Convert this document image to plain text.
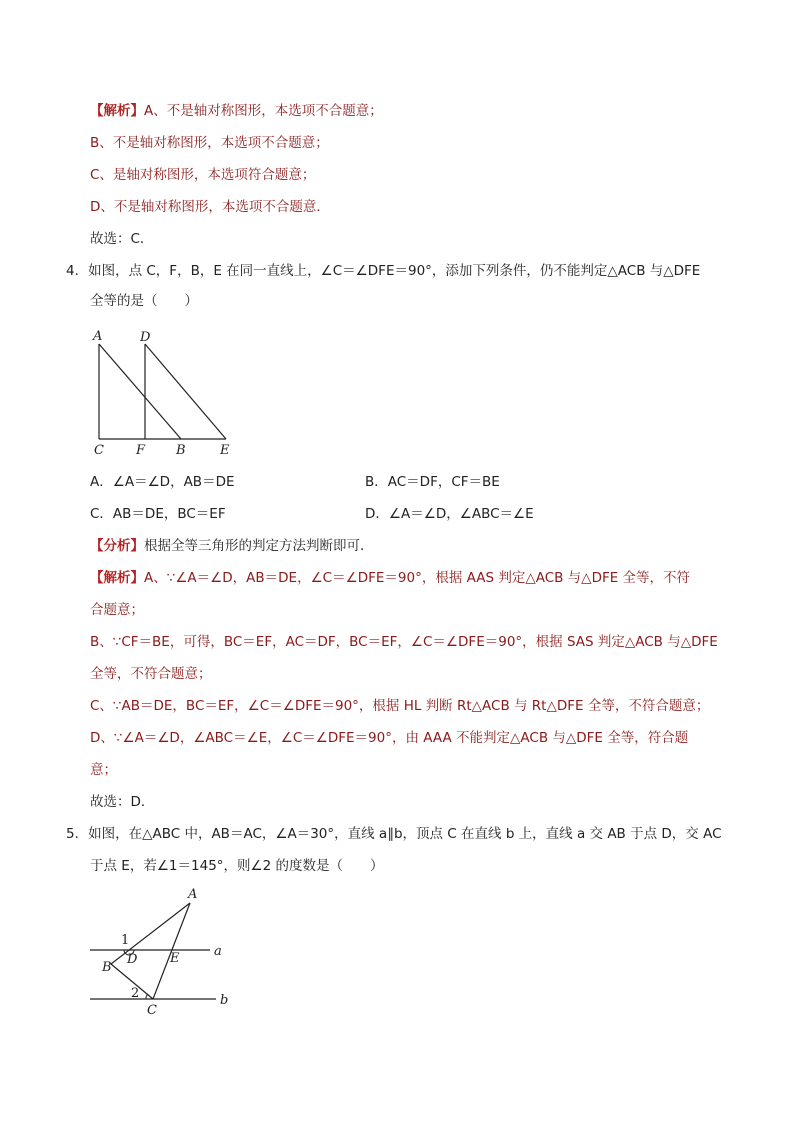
【解析】A、不是轴对称图形，本选项不合题意；
B、不是轴对称图形，本选项不合题意；
C、是轴对称图形，本选项符合题意；
D、不是轴对称图形，本选项不合题意．
故选：C．
4．如图，点 C，F，B，E 在同一直线上，∠C＝∠DFE＝90°，添加下列条件，仍不能判定△ACB 与△DFE
全等的是（　　）
A	D
C F B	E
A．∠A＝∠D，AB＝DE	B．AC＝DF，CF＝BE
C．AB＝DE，BC＝EF	D．∠A＝∠D，∠ABC＝∠E
【分析】根据全等三角形的判定方法判断即可．
【解析】A、∵∠A＝∠D，AB＝DE，∠C＝∠DFE＝90°，根据 AAS 判定△ACB 与△DFE 全等，不符
合题意；
B、∵CF＝BE，可得，BC＝EF，AC＝DF，BC＝EF，∠C＝∠DFE＝90°，根据 SAS 判定△ACB 与△DFE
全等，不符合题意；
C、∵AB＝DE，BC＝EF，∠C＝∠DFE＝90°，根据 HL 判断 Rt△ACB 与 Rt△DFE 全等，不符合题意；
D、∵∠A＝∠D，∠ABC＝∠E，∠C＝∠DFE＝90°，由 AAA 不能判定△ACB 与△DFE 全等，符合题
意；
故选：D．
5．如图，在△ABC 中，AB＝AC，∠A＝30°，直线 a∥b，顶点 C 在直线 b 上，直线 a 交 AB 于点 D，交 AC
于点 E，若∠1＝145°，则∠2 的度数是（　　）
A
1
D	E	a
B
2
C
b
